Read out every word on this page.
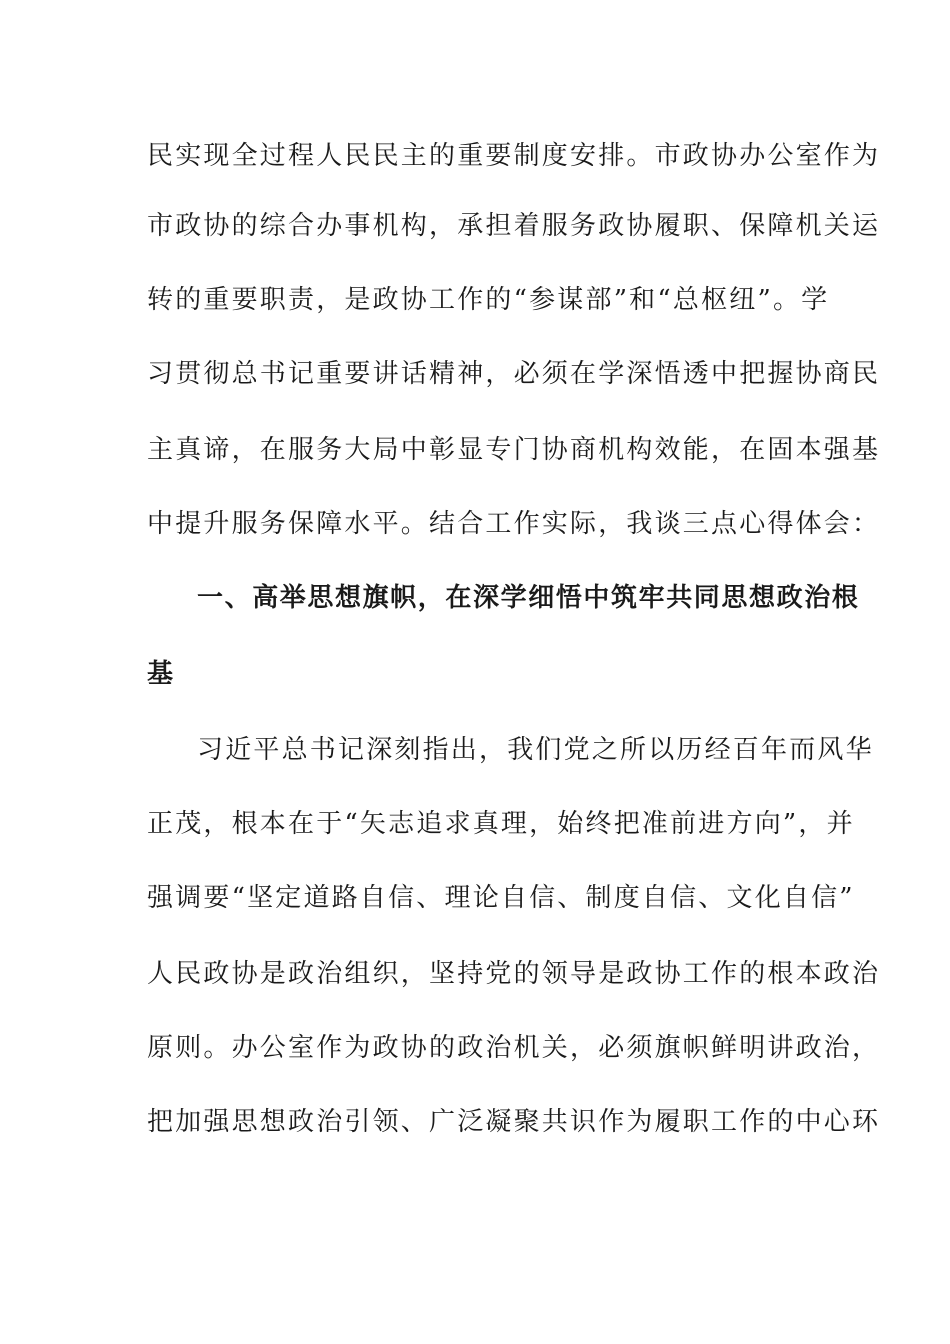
民实现全过程人民民主的重要制度安排。市政协办公室作为
市政协的综合办事机构，承担着服务政协履职、保障机关运
转的重要职责，是政协工作的“参谋部”和“总枢纽”。学
习贯彻总书记重要讲话精神，必须在学深悟透中把握协商民
主真谛，在服务大局中彰显专门协商机构效能，在固本强基
中提升服务保障水平。结合工作实际，我谈三点心得体会：
一、高举思想旗帜，在深学细悟中筑牢共同思想政治根
基
习近平总书记深刻指出，我们党之所以历经百年而风华
正茂，根本在于“矢志追求真理，始终把准前进方向”，并
强调要“坚定道路自信、理论自信、制度自信、文化自信”
人民政协是政治组织，坚持党的领导是政协工作的根本政治
原则。办公室作为政协的政治机关，必须旗帜鲜明讲政治，
把加强思想政治引领、广泛凝聚共识作为履职工作的中心环
